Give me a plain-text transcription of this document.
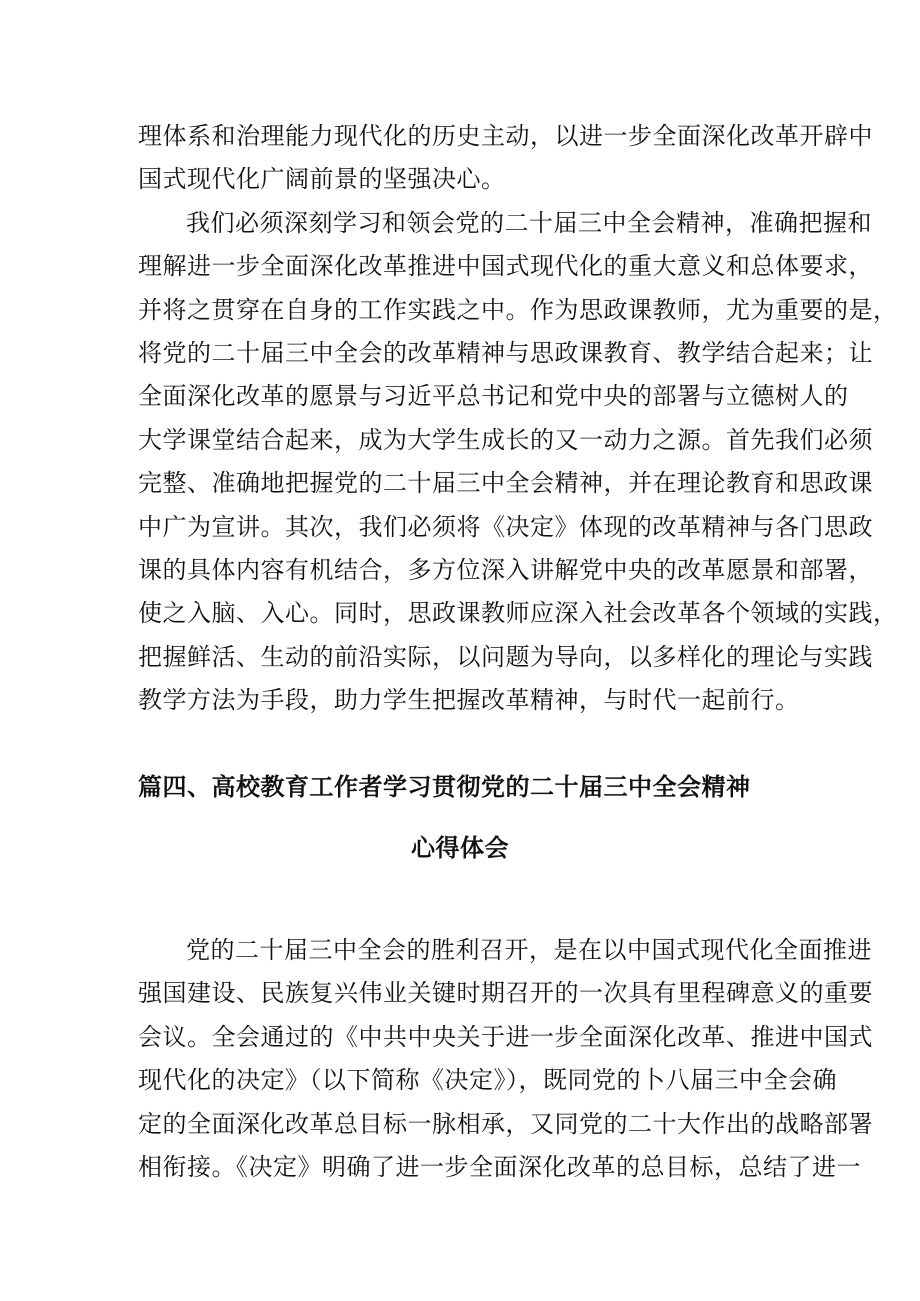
理体系和治理能力现代化的历史主动，以进一步全面深化改革开辟中
国式现代化广阔前景的坚强决心。
我们必须深刻学习和领会党的二十届三中全会精神，准确把握和
理解进一步全面深化改革推进中国式现代化的重大意义和总体要求，
并将之贯穿在自身的工作实践之中。作为思政课教师，尤为重要的是，
将党的二十届三中全会的改革精神与思政课教育、教学结合起来；让
全面深化改革的愿景与习近平总书记和党中央的部署与立德树人的
大学课堂结合起来，成为大学生成长的又一动力之源。首先我们必须
完整、准确地把握党的二十届三中全会精神，并在理论教育和思政课
中广为宣讲。其次，我们必须将《决定》体现的改革精神与各门思政
课的具体内容有机结合，多方位深入讲解党中央的改革愿景和部署，
使之入脑、入心。同时，思政课教师应深入社会改革各个领域的实践，
把握鲜活、生动的前沿实际，以问题为导向，以多样化的理论与实践
教学方法为手段，助力学生把握改革精神，与时代一起前行。
篇四、高校教育工作者学习贯彻党的二十届三中全会精神
心得体会
党的二十届三中全会的胜利召开，是在以中国式现代化全面推进
强国建设、民族复兴伟业关键时期召开的一次具有里程碑意义的重要
会议。全会通过的《中共中央关于进一步全面深化改革、推进中国式
现代化的决定》（以下简称《决定》），既同党的卜八届三中全会确
定的全面深化改革总目标一脉相承，又同党的二十大作出的战略部署
相衔接。《决定》明确了进一步全面深化改革的总目标，总结了进一
